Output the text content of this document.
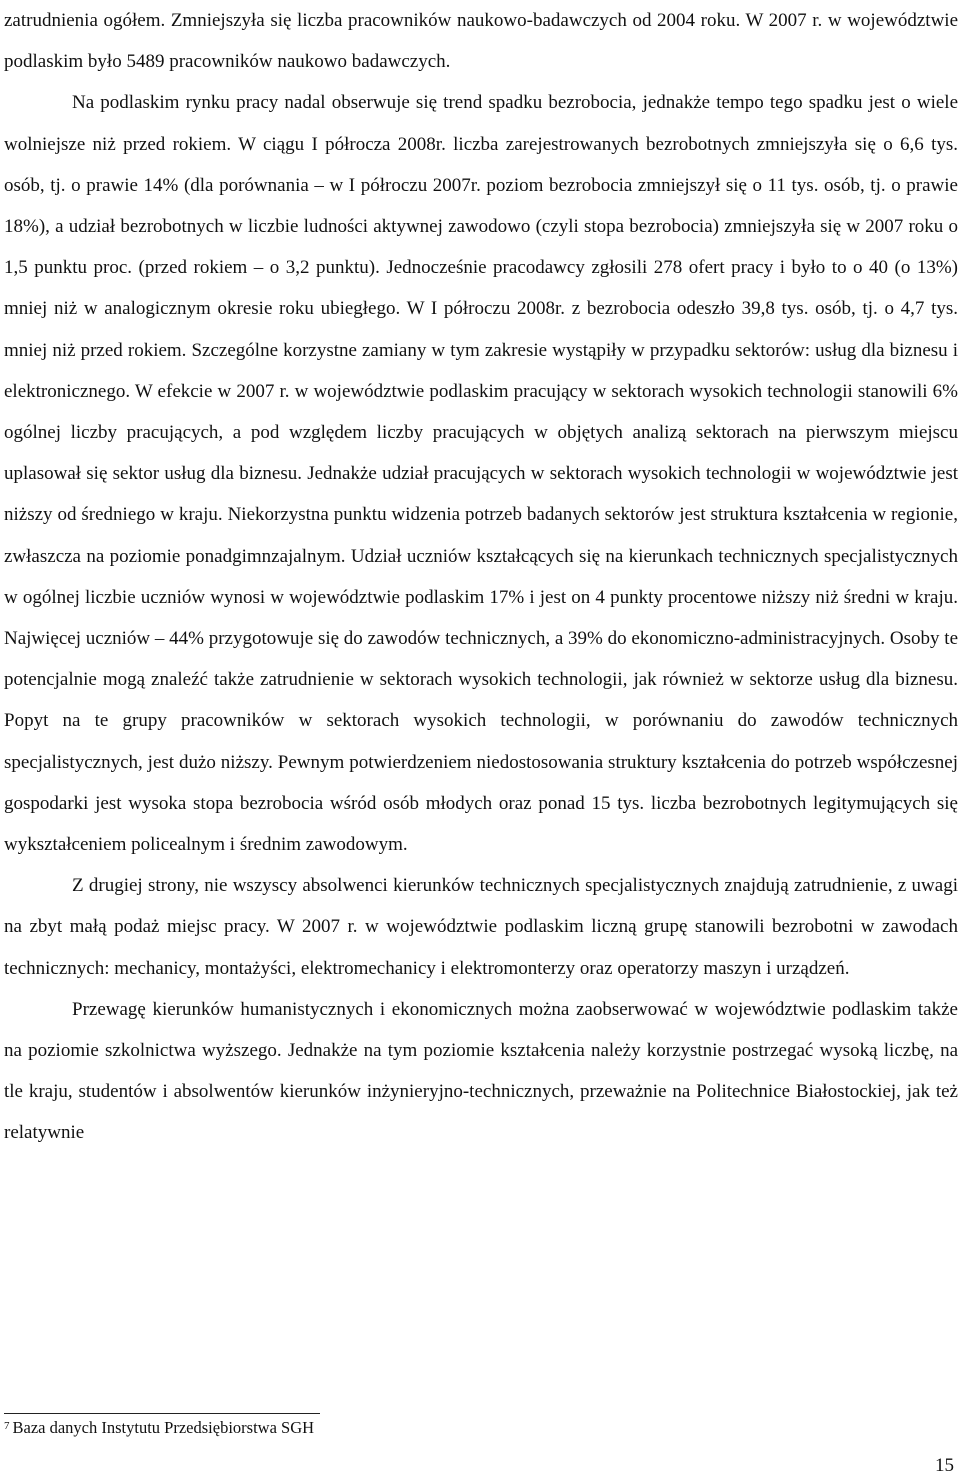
zatrudnienia ogółem. Zmniejszyła się liczba pracowników naukowo-badawczych od 2004 roku. W 2007 r. w województwie podlaskim było 5489 pracowników naukowo badawczych.

Na podlaskim rynku pracy nadal obserwuje się trend spadku bezrobocia, jednakże tempo tego spadku jest o wiele wolniejsze niż przed rokiem. W ciągu I półrocza 2008r. liczba zarejestrowanych bezrobotnych zmniejszyła się o 6,6 tys. osób, tj. o prawie 14% (dla porównania – w I półroczu 2007r. poziom bezrobocia zmniejszył się o 11 tys. osób, tj. o prawie 18%), a udział bezrobotnych w liczbie ludności aktywnej zawodowo (czyli stopa bezrobocia) zmniejszyła się w 2007 roku o 1,5 punktu proc. (przed rokiem – o 3,2 punktu). Jednocześnie pracodawcy zgłosili 278 ofert pracy i było to o 40 (o 13%) mniej niż w analogicznym okresie roku ubiegłego. W I półroczu 2008r. z bezrobocia odeszło 39,8 tys. osób, tj. o 4,7 tys. mniej niż przed rokiem. Szczególne korzystne zamiany w tym zakresie wystąpiły w przypadku sektorów: usług dla biznesu i elektronicznego. W efekcie w 2007 r. w województwie podlaskim pracujący w sektorach wysokich technologii stanowili 6% ogólnej liczby pracujących, a pod względem liczby pracujących w objętych analizą sektorach na pierwszym miejscu uplasował się sektor usług dla biznesu. Jednakże udział pracujących w sektorach wysokich technologii w województwie jest niższy od średniego w kraju. Niekorzystna punktu widzenia potrzeb badanych sektorów jest struktura kształcenia w regionie, zwłaszcza na poziomie ponadgimnzajalnym. Udział uczniów kształcących się na kierunkach technicznych specjalistycznych w ogólnej liczbie uczniów wynosi w województwie podlaskim 17% i jest on 4 punkty procentowe niższy niż średni w kraju. Najwięcej uczniów – 44% przygotowuje się do zawodów technicznych, a 39% do ekonomiczno-administracyjnych. Osoby te potencjalnie mogą znaleźć także zatrudnienie w sektorach wysokich technologii, jak również w sektorze usług dla biznesu. Popyt na te grupy pracowników w sektorach wysokich technologii, w porównaniu do zawodów technicznych specjalistycznych, jest dużo niższy. Pewnym potwierdzeniem niedostosowania struktury kształcenia do potrzeb współczesnej gospodarki jest wysoka stopa bezrobocia wśród osób młodych oraz ponad 15 tys. liczba bezrobotnych legitymujących się wykształceniem policealnym i średnim zawodowym.

Z drugiej strony, nie wszyscy absolwenci kierunków technicznych specjalistycznych znajdują zatrudnienie, z uwagi na zbyt małą podaż miejsc pracy. W 2007 r. w województwie podlaskim liczną grupę stanowili bezrobotni w zawodach technicznych: mechanicy, montażyści, elektromechanicy i elektromonterzy oraz operatorzy maszyn i urządzeń.

Przewagę kierunków humanistycznych i ekonomicznych można zaobserwować w województwie podlaskim także na poziomie szkolnictwa wyższego. Jednakże na tym poziomie kształcenia należy korzystnie postrzegać wysoką liczbę, na tle kraju, studentów i absolwentów kierunków inżynieryjno-technicznych, przeważnie na Politechnice Białostockiej, jak też relatywnie

$^7$ Baza danych Instytutu Przedsiębiorstwa SGH
15
